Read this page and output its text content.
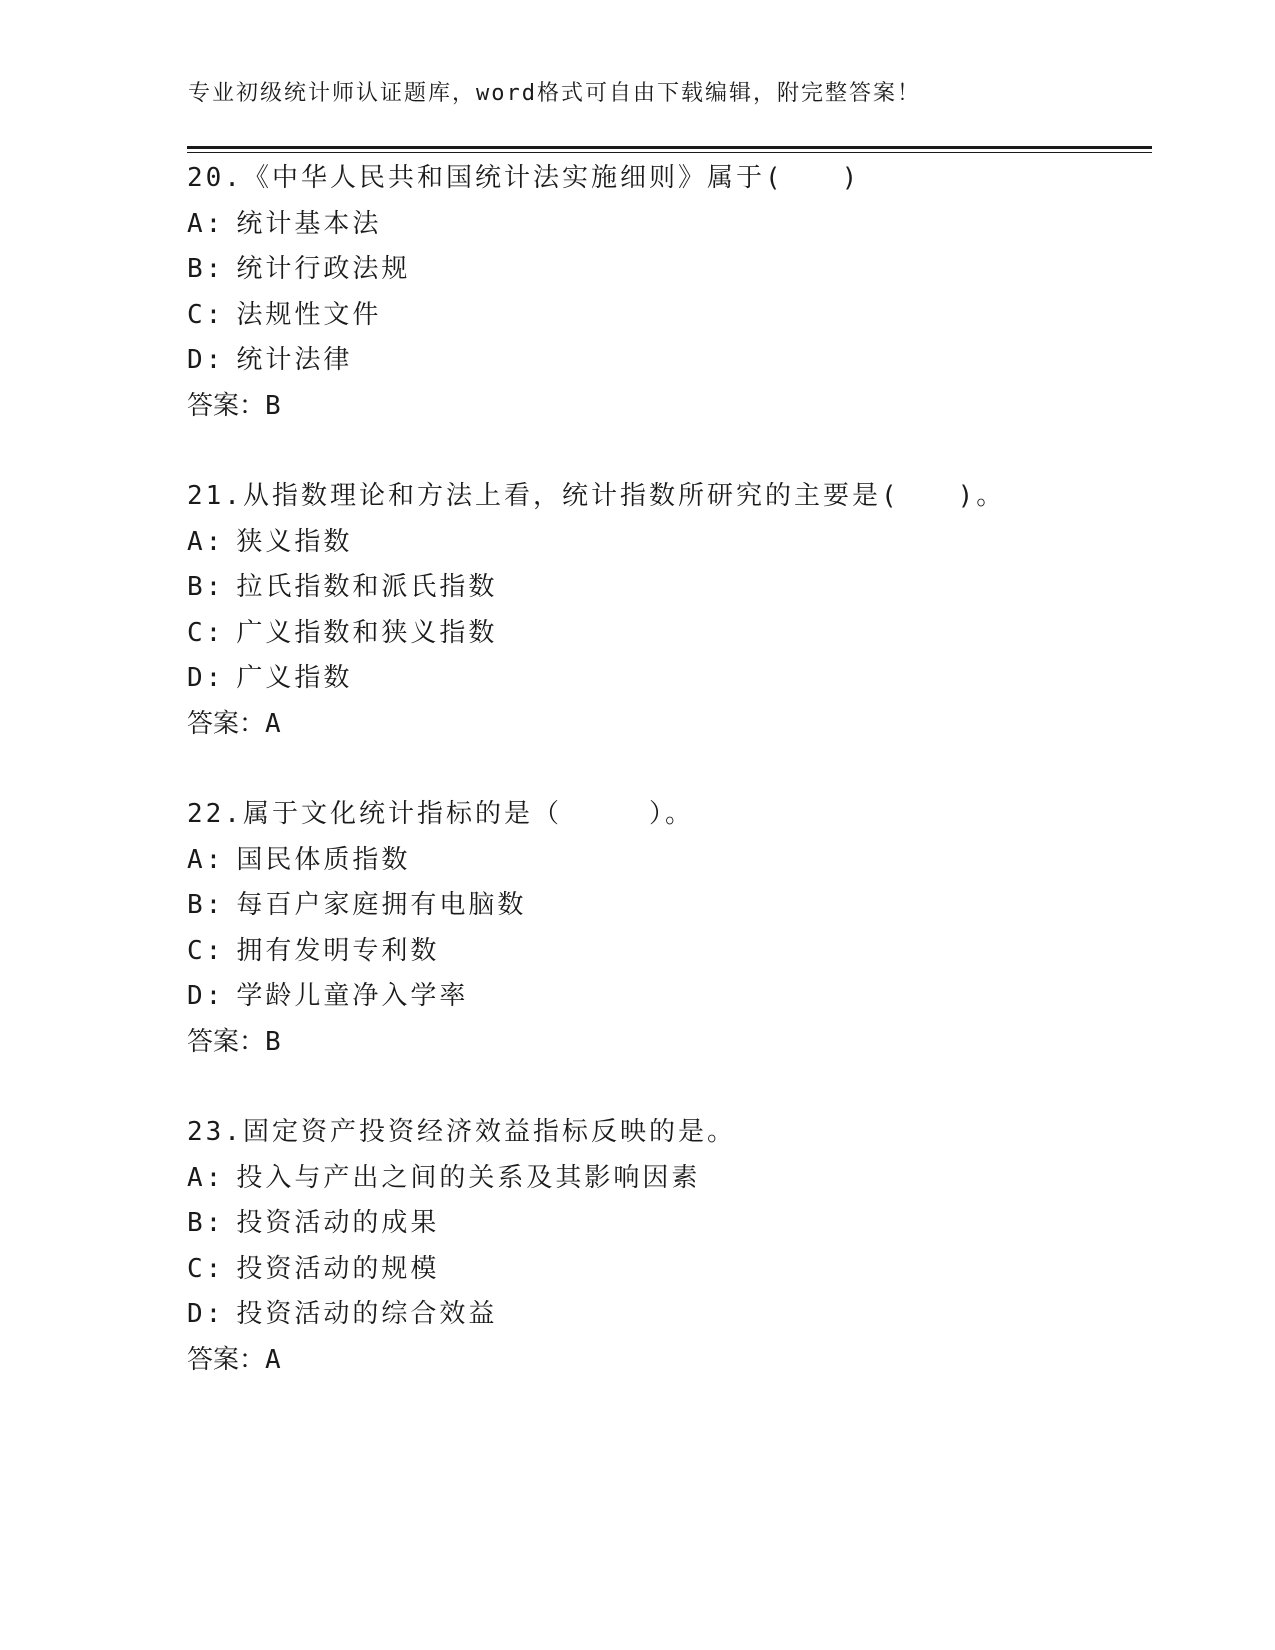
专业初级统计师认证题库，word格式可自由下载编辑，附完整答案！
20.《中华人民共和国统计法实施细则》属于(　　)
A: 统计基本法
B: 统计行政法规
C: 法规性文件
D: 统计法律
答案：B
21.从指数理论和方法上看，统计指数所研究的主要是(　　)。
A: 狭义指数
B: 拉氏指数和派氏指数
C: 广义指数和狭义指数
D: 广义指数
答案：A
22.属于文化统计指标的是（　　　）。
A: 国民体质指数
B: 每百户家庭拥有电脑数
C: 拥有发明专利数
D: 学龄儿童净入学率
答案：B
23.固定资产投资经济效益指标反映的是。
A: 投入与产出之间的关系及其影响因素
B: 投资活动的成果
C: 投资活动的规模
D: 投资活动的综合效益
答案：A
